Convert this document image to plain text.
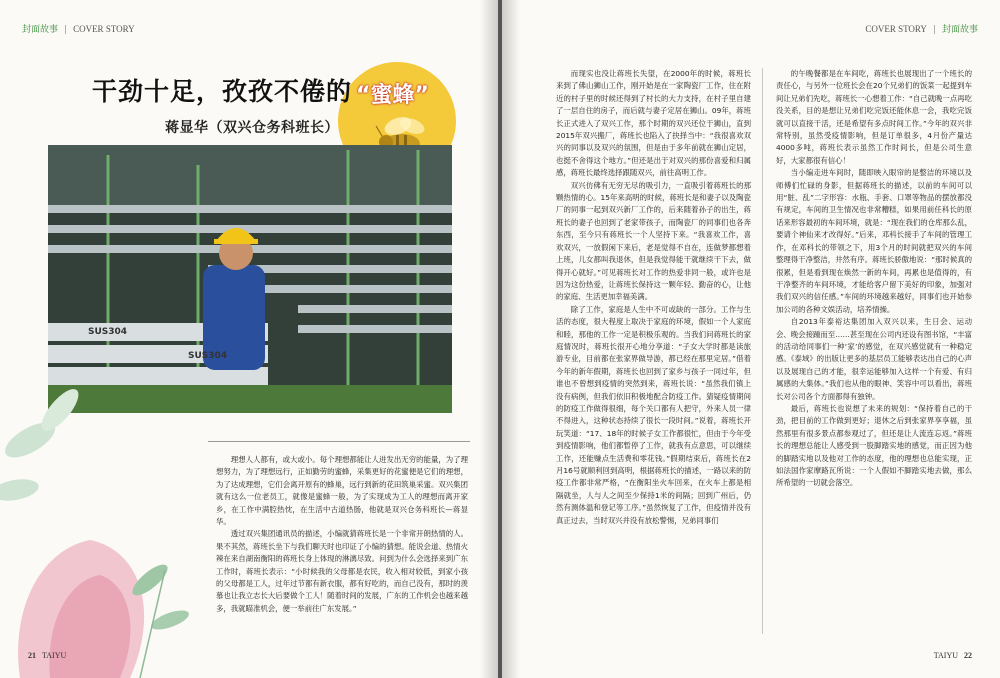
封面故事 | COVER STORY
干劲十足，孜孜不倦的 “蜜蜂”
蒋显华（双兴仓务科班长）
SUS304
SUS304

理想人人都有，或大或小。每个理想都能让人进发出无穷的能量，为了理想努力，为了理想远行，正如勤劳的蜜蜂，采集更好的花蜜便是它们的理想，为了达成理想，它们会离开原有的蜂巢，远行到新的花田筑巢采蜜。双兴集团就有这么一位老员工，就像是蜜蜂一般，为了实现成为工人的理想而离开家乡，在工作中满腔热忱，在生活中古道热肠，他就是双兴仓务科班长—蒋显华。

透过双兴集团通讯员的描述，小编就猜蒋班长是一个非常开朗热情的人。果不其然，蒋班长坐下与我们聊天时也印证了小编的猜想。能说会道、热情火辣在来自湖南衡阳的蒋班长身上体现的淋漓尽致。问到为什么会选择来到广东工作时，蒋班长表示：“小时候我的父母都是农民，收入相对较低，到家小孩的父母都是工人，过年过节都有新衣服，都有好吃的，而自己没有，那时的羡慕也让我立志长大后要做个工人！随着时间的发展，广东的工作机会也越来越多，我就瞄准机会，便一举前往广东发展。”

21 TAIYU
COVER STORY | 封面故事

而现实也没让蒋班长失望，在2000年的时候，蒋班长来到了佛山狮山工作，刚开始是在一家陶瓷厂工作，住在附近的村子里的时候还得到了村长的大力支持，在村子里自建了一层自住的房子，而后就与妻子定居在狮山。09年，蒋班长正式进入了双兴工作，那个时期的双兴还位于狮山，直到2015年双兴搬厂，蒋班长也陷入了抉择当中：“我很喜欢双兴的同事以及双兴的氛围，但是由于多年前就在狮山定居，也挺不舍得这个地方。”但还是出于对双兴的那份喜爱和归属感，蒋班长最终选择跟随双兴，前往高明工作。

双兴仿佛有无穷无尽的吸引力，一直吸引着蒋班长的那颗热情的心。15年来高明的时候，蒋班长是和妻子以及陶瓷厂的同事一起到双兴新厂工作的，后来随着孙子的出生，蒋班长的妻子也回到了老家带孩子，而陶瓷厂的同事们也各奔东西，至今只有蒋班长一个人坚持下来。“我喜欢工作，喜欢双兴，一放假闲下来后，老是觉得不自在，连做梦都想着上班，儿女都叫我退休，但是我觉得能干就继续干下去，做得开心就好。”可见蒋班长对工作的热爱非同一般，或许也是因为这份热爱，让蒋班长保持这一颗年轻、勤奋的心，让他的家庭、生活更加幸福美满。

除了工作，家庭是人生中不可或缺的一部分。工作与生活的态度，很大程度上取决于家庭的环境，假如一个人家庭和睦，那他的工作一定是积极乐观的。当我们问蒋班长的家庭情况时，蒋班长很开心地分享道：“子女大学时都是读旅游专业，目前都在张家界做导游，都已经在那里定居。”借着今年的新年假期，蒋班长也回到了家乡与孩子一同过年，但谁也不曾想到疫情的突然到来，蒋班长说：“虽然我们镇上没有病例，但我们依旧积极地配合防疫工作。猜疑疫情期间的防疫工作做得很细，每个关口都有人把守，外来人员一律不得进入，这种状态持续了很长一段时间。”说着，蒋班长开玩笑道：“17、18年的时候子女工作都很忙，但由于今年受到疫情影响，他们都暂停了工作，就我有点意思，可以继续工作，还能赚点生活费和零花钱。”假期结束后，蒋班长在2月16号就顺利回到高明，根据蒋班长的描述，一路以来的防疫工作都非常严格，“在衡阳坐火车回来，在火车上都是相隔就坐，人与人之间至少保持1米的间隔；回到广州后，仍然有测体温和登记等工序。”虽然恢复了工作，但疫情并没有真正过去，当时双兴并没有放松警惕，兄弟同事们

的午晚餐都是在车间吃，蒋班长也展现出了一个班长的责任心，与另外一位班长会在20个兄弟们的饭菜一起提到车间让兄弟们先吃，蒋班长一心想着工作：“自己就晚一点再吃没关系，目的是想让兄弟们吃完饭还能休息一会，我吃完饭就可以直接干活，还是希望有多点时间工作。”今年的双兴非常特别，虽然受疫情影响，但是订单很多，4月份产量达4000多吨，蒋班长表示虽然工作时间长，但是公司生意好，大家都很有信心！

当小编走进车间时，随即映入眼帘的是整洁的环境以及师傅们忙碌的身影，但据蒋班长的描述，以前的车间可以用“脏、乱”二字形容：水瓶、手套、口罩等物品的摆放都没有规定，车间的卫生情况也非常糟糕，如果用前任科长的原话来形容最初的车间环境，就是：“现在我们的仓库那么乱，要请个神仙来才改得好。”后来，邓科长接手了车间的管理工作，在邓科长的带领之下，用3个月的时间就把双兴的车间整理得干净整洁，井然有序。蒋班长骄傲地说：“那时候真的很累，但是看到现在焕然一新的车间，再累也是值得的，有干净整齐的车间环境，才能给客户留下美好的印象，加强对我们双兴的信任感。”车间的环境越来越好，同事们也开始参加公司的各种文娱活动，培养情操。

自2013年泰裕达集团加入双兴以来，生日会、运动会、晚会接踵而至……甚至现在公司内还设有图书馆，“丰富的活动给同事们一种‘家’的感觉，在双兴感觉就有一种稳定感。《泰域》的出版让更多的基层员工能够表达出自己的心声以及展现自己的才能，很幸运能够加入这样一个有爱、有归属感的大集体。”我们也从他的眼神、笑容中可以看出，蒋班长对公司各个方面都得有独钟。

最后，蒋班长也说想了未来的规划：“保持着自己的干劲，把目前的工作做到更好；退休之后到张家界享享福，虽然那里有很多景点都参观过了，但还是让人流连忘返。”蒋班长的理想总能让人感受到一股脚踏实地的感觉，而正因为他的脚踏实地以及他对工作的态度，他的理想也总能实现，正如法国作家摩路瓦所说：一个人假如不脚踏实地去做，那么所希望的一切就会落空。

TAIYU 22
